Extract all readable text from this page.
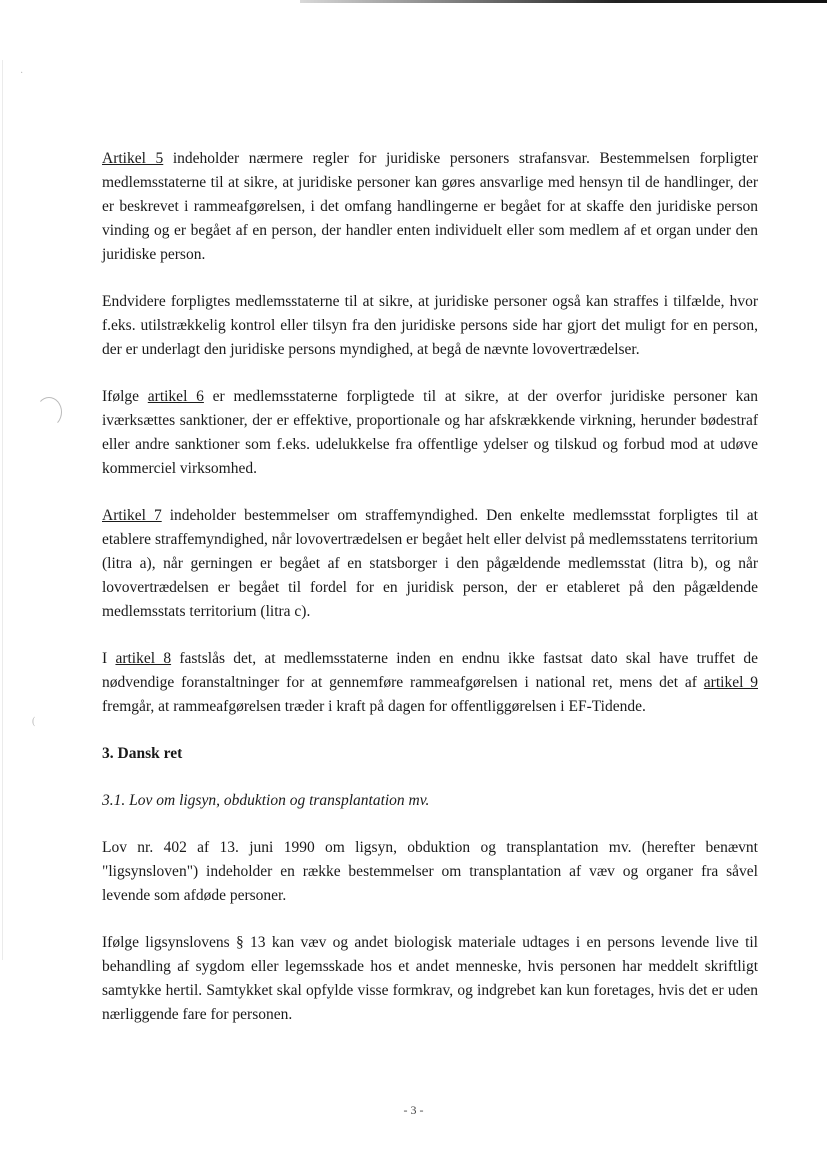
·
(

Artikel 5 indeholder nærmere regler for juridiske personers strafansvar. Bestemmelsen forpligter medlemsstaterne til at sikre, at juridiske personer kan gøres ansvarlige med hensyn til de handlinger, der er beskrevet i rammeafgørelsen, i det omfang handlingerne er begået for at skaffe den juridiske person vinding og er begået af en person, der handler enten individuelt eller som medlem af et organ under den juridiske person.

Endvidere forpligtes medlemsstaterne til at sikre, at juridiske personer også kan straffes i tilfælde, hvor f.eks. utilstrækkelig kontrol eller tilsyn fra den juridiske persons side har gjort det muligt for en person, der er underlagt den juridiske persons myndighed, at begå de nævnte lovovertrædelser.

Ifølge artikel 6 er medlemsstaterne forpligtede til at sikre, at der overfor juridiske personer kan iværksættes sanktioner, der er effektive, proportionale og har afskrækkende virkning, herunder bødestraf eller andre sanktioner som f.eks. udelukkelse fra offentlige ydelser og tilskud og forbud mod at udøve kommerciel virksomhed.

Artikel 7 indeholder bestemmelser om straffemyndighed. Den enkelte medlemsstat forpligtes til at etablere straffemyndighed, når lovovertrædelsen er begået helt eller delvist på medlemsstatens territorium (litra a), når gerningen er begået af en statsborger i den pågældende medlemsstat (litra b), og når lovovertrædelsen er begået til fordel for en juridisk person, der er etableret på den pågældende medlemsstats territorium (litra c).

I artikel 8 fastslås det, at medlemsstaterne inden en endnu ikke fastsat dato skal have truffet de nødvendige foranstaltninger for at gennemføre rammeafgørelsen i national ret, mens det af artikel 9 fremgår, at rammeafgørelsen træder i kraft på dagen for offentliggørelsen i EF-Tidende.

3. Dansk ret
3.1. Lov om ligsyn, obduktion og transplantation mv.

Lov nr. 402 af 13. juni 1990 om ligsyn, obduktion og transplantation mv. (herefter benævnt "ligsynsloven") indeholder en række bestemmelser om transplantation af væv og organer fra såvel levende som afdøde personer.

Ifølge ligsynslovens § 13 kan væv og andet biologisk materiale udtages i en persons levende live til behandling af sygdom eller legemsskade hos et andet menneske, hvis personen har meddelt skriftligt samtykke hertil. Samtykket skal opfylde visse formkrav, og indgrebet kan kun foretages, hvis det er uden nærliggende fare for personen.

- 3 -
